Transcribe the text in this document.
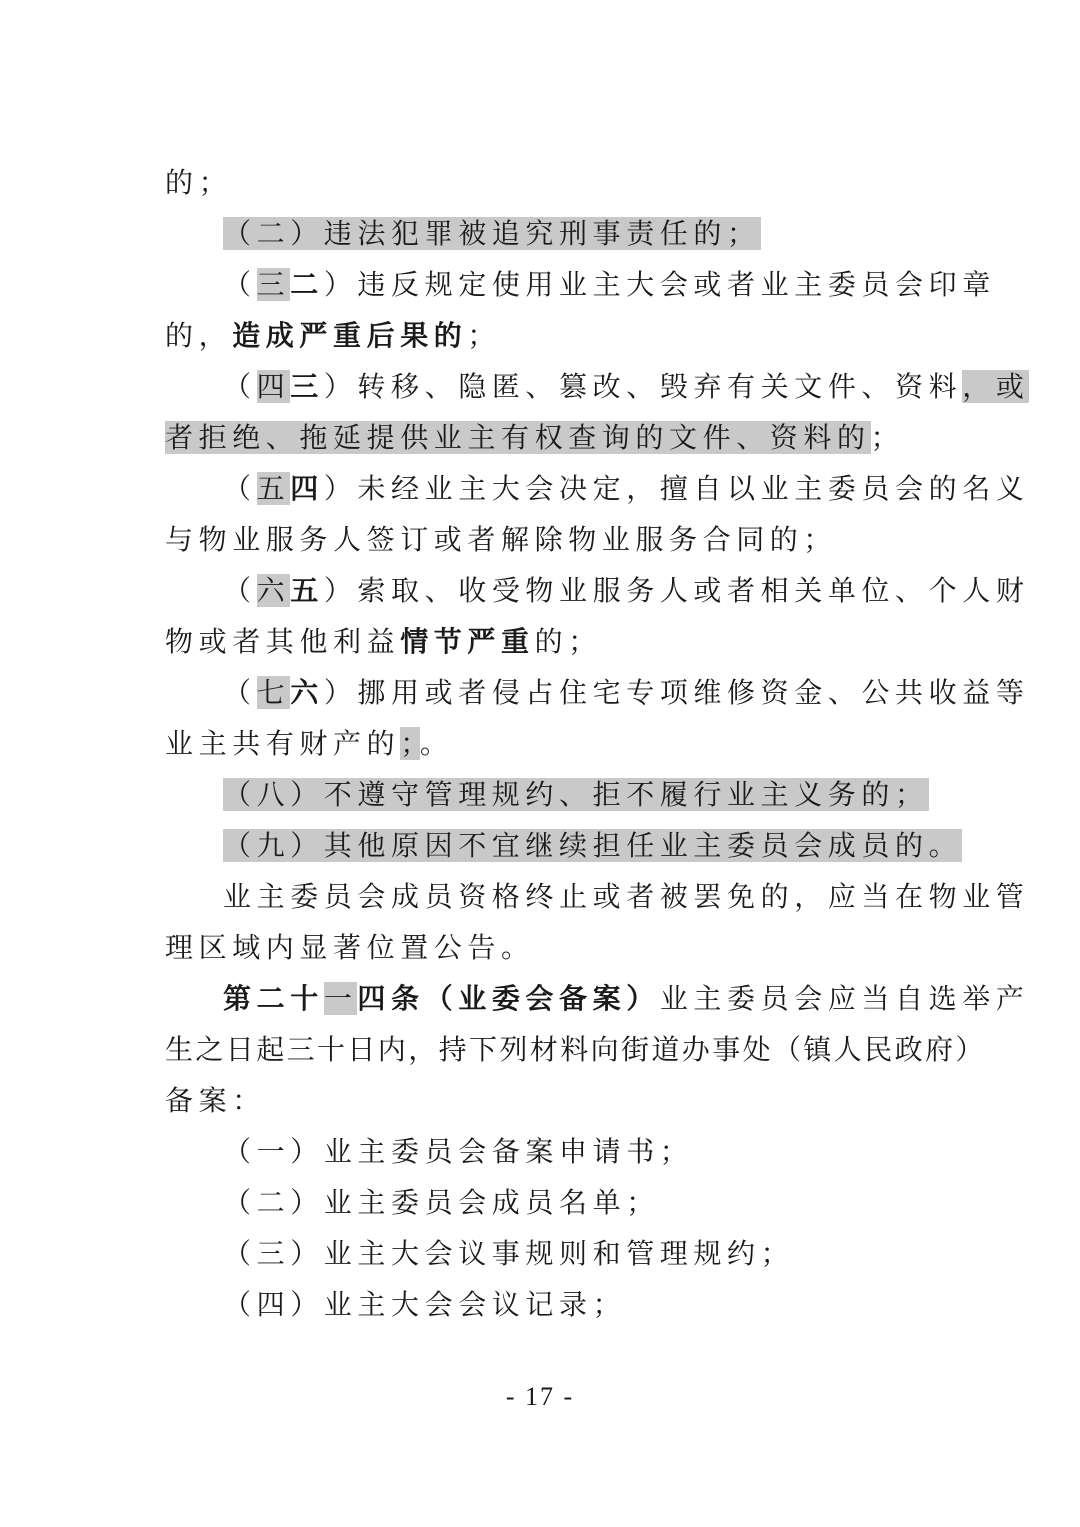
的；
（二）违法犯罪被追究刑事责任的；
（三二）违反规定使用业主大会或者业主委员会印章
的，造成严重后果的；
（四三）转移、隐匿、篡改、毁弃有关文件、资料，或
者拒绝、拖延提供业主有权查询的文件、资料的；
（五四）未经业主大会决定，擅自以业主委员会的名义
与物业服务人签订或者解除物业服务合同的；
（六五）索取、收受物业服务人或者相关单位、个人财
物或者其他利益情节严重的；
（七六）挪用或者侵占住宅专项维修资金、公共收益等
业主共有财产的；。
（八）不遵守管理规约、拒不履行业主义务的；
（九）其他原因不宜继续担任业主委员会成员的。
业主委员会成员资格终止或者被罢免的，应当在物业管
理区域内显著位置公告。
第二十一四条（业委会备案）业主委员会应当自选举产
生之日起三十日内，持下列材料向街道办事处（镇人民政府）
备案：
（一）业主委员会备案申请书；
（二）业主委员会成员名单；
（三）业主大会议事规则和管理规约；
（四）业主大会会议记录；
- 17 -
